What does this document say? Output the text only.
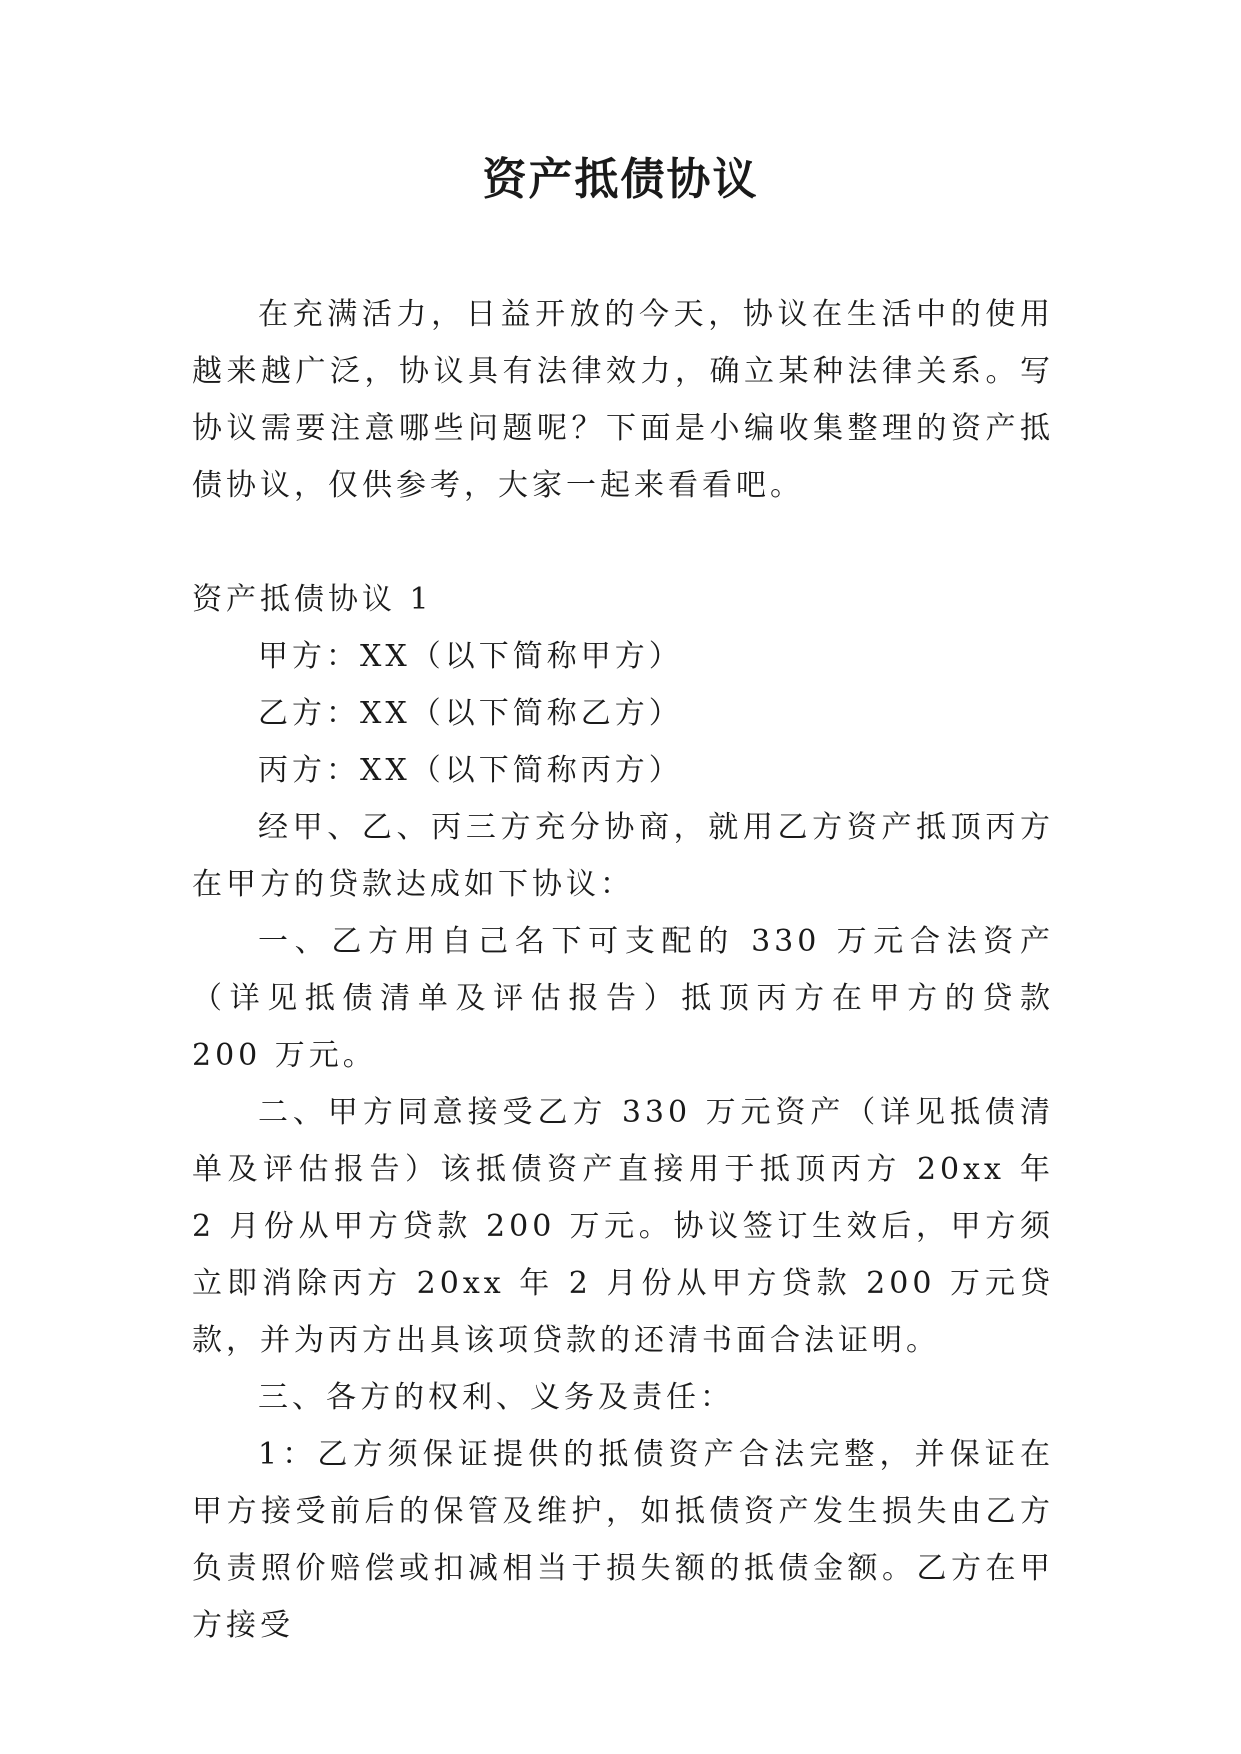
资产抵债协议

在充满活力，日益开放的今天，协议在生活中的使用越来越广泛，协议具有法律效力，确立某种法律关系。写协议需要注意哪些问题呢？下面是小编收集整理的资产抵债协议，仅供参考，大家一起来看看吧。

资产抵债协议 1

甲方：XX（以下简称甲方）

乙方：XX（以下简称乙方）

丙方：XX（以下简称丙方）

经甲、乙、丙三方充分协商，就用乙方资产抵顶丙方在甲方的贷款达成如下协议：

一、乙方用自己名下可支配的 330 万元合法资产（详见抵债清单及评估报告）抵顶丙方在甲方的贷款 200 万元。

二、甲方同意接受乙方 330 万元资产（详见抵债清单及评估报告）该抵债资产直接用于抵顶丙方 20xx 年 2 月份从甲方贷款 200 万元。协议签订生效后，甲方须立即消除丙方 20xx 年 2 月份从甲方贷款 200 万元贷款，并为丙方出具该项贷款的还清书面合法证明。

三、各方的权利、义务及责任：

1：乙方须保证提供的抵债资产合法完整，并保证在甲方接受前后的保管及维护，如抵债资产发生损失由乙方负责照价赔偿或扣减相当于损失额的抵债金额。乙方在甲方接受
